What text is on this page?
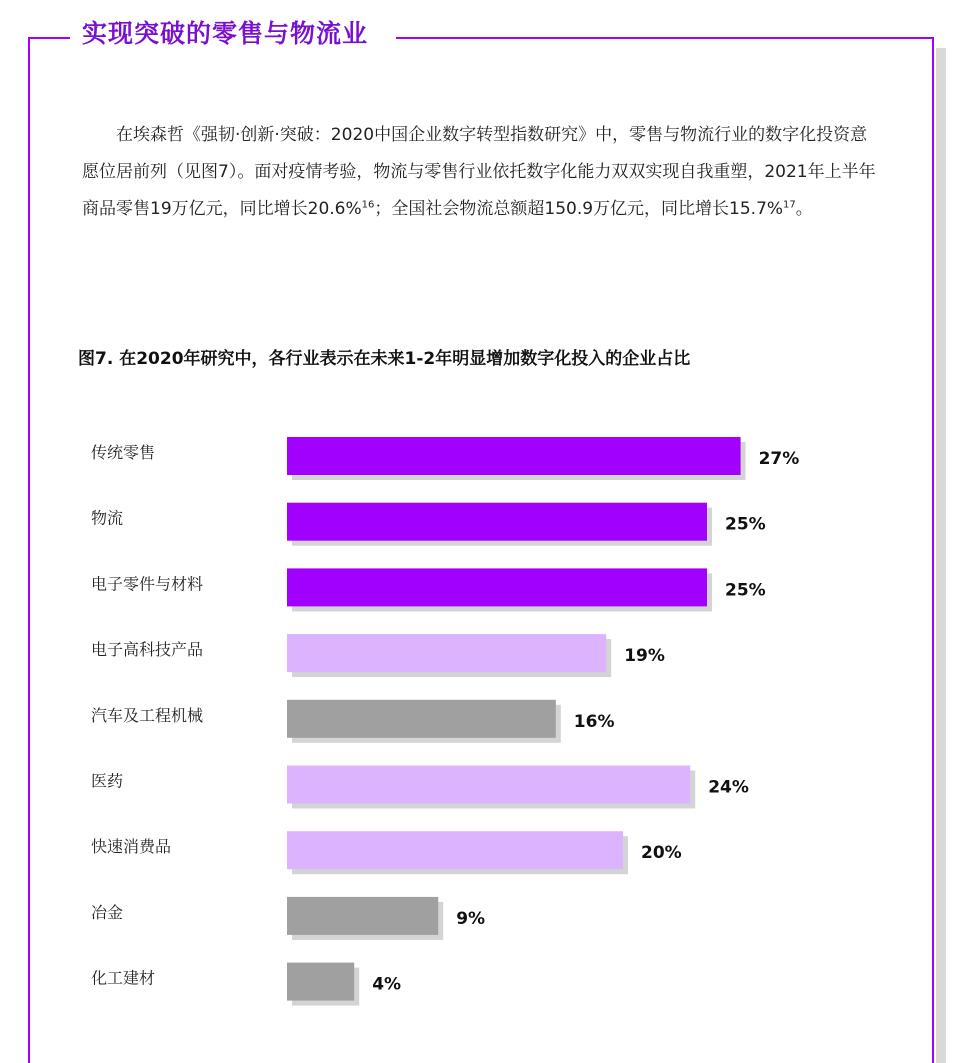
实现突破的零售与物流业

在埃森哲《强韧·创新·突破：2020中国企业数字转型指数研究》中，零售与物流行业的数字化投资意愿位居前列（见图7）。面对疫情考验，物流与零售行业依托数字化能力双双实现自我重塑，2021年上半年商品零售19万亿元，同比增长20.6%$^{16}$；全国社会物流总额超150.9万亿元，同比增长15.7%$^{17}$。

图7. 在2020年研究中，各行业表示在未来1-2年明显增加数字化投入的企业占比
传统零售	27%
物流	25%
电子零件与材料	25%
电子高科技产品	19%
汽车及工程机械	16%
医药	24%
快速消费品	20%
冶金	9%
化工建材	4%
